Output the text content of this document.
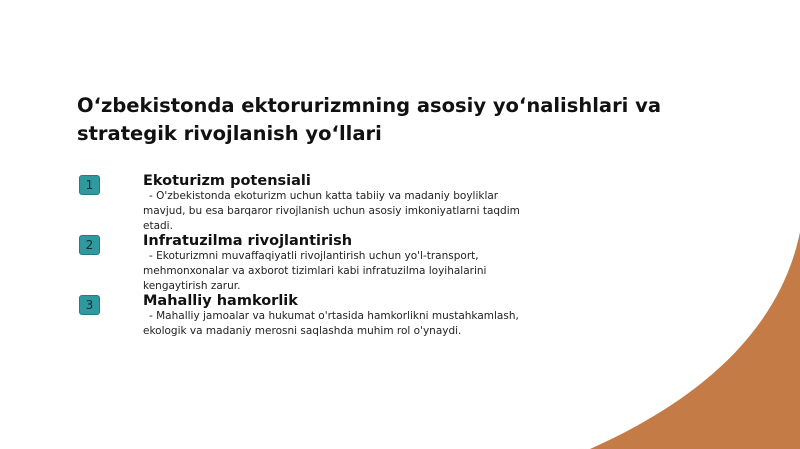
O‘zbekistonda ektorurizmning asosiy yo‘nalishlari va strategik rivojlanish yo‘llari
1	Ekoturizm potensiali

- O'zbekistonda ekoturizm uchun katta tabiiy va madaniy boyliklar mavjud, bu esa barqaror rivojlanish uchun asosiy imkoniyatlarni taqdim etadi.

2	Infratuzilma rivojlantirish

- Ekoturizmni muvaffaqiyatli rivojlantirish uchun yo'l-transport, mehmonxonalar va axborot tizimlari kabi infratuzilma loyihalarini kengaytirish zarur.

3	Mahalliy hamkorlik

- Mahalliy jamoalar va hukumat o'rtasida hamkorlikni mustahkamlash, ekologik va madaniy merosni saqlashda muhim rol o'ynaydi.
